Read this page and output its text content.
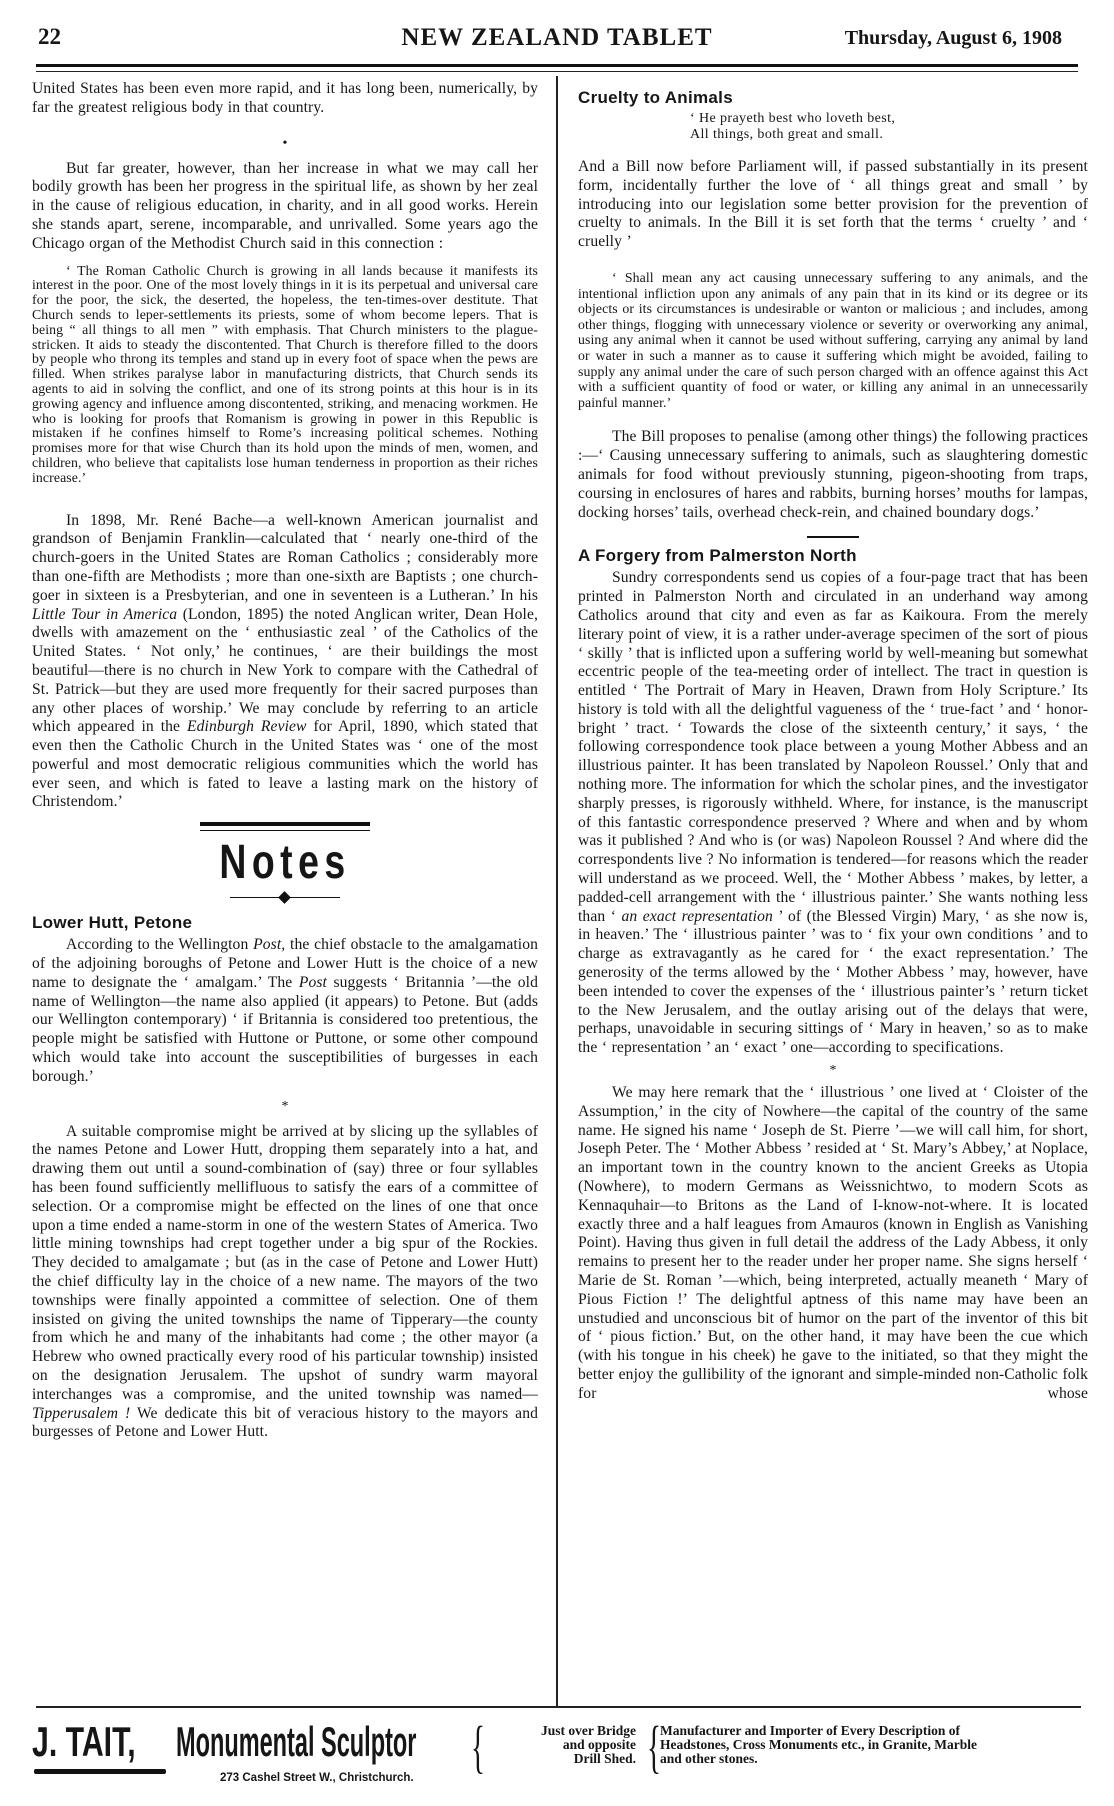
22	NEW ZEALAND TABLET	Thursday, August 6, 1908

United States has been even more rapid, and it has long been, numerically, by far the greatest religious body in that country.

•

But far greater, however, than her increase in what we may call her bodily growth has been her progress in the spiritual life, as shown by her zeal in the cause of religious education, in charity, and in all good works. Herein she stands apart, serene, incomparable, and unrivalled. Some years ago the Chicago organ of the Methodist Church said in this connection :

‘ The Roman Catholic Church is growing in all lands because it manifests its interest in the poor. One of the most lovely things in it is its perpetual and universal care for the poor, the sick, the deserted, the hopeless, the ten-times-over destitute. That Church sends to leper-settlements its priests, some of whom become lepers. That is being “ all things to all men ” with emphasis. That Church ministers to the plague-stricken. It aids to steady the discontented. That Church is therefore filled to the doors by people who throng its temples and stand up in every foot of space when the pews are filled. When strikes paralyse labor in manufacturing districts, that Church sends its agents to aid in solving the conflict, and one of its strong points at this hour is in its growing agency and influence among discontented, striking, and menacing workmen. He who is looking for proofs that Romanism is growing in power in this Republic is mistaken if he confines himself to Rome’s increasing political schemes. Nothing promises more for that wise Church than its hold upon the minds of men, women, and children, who believe that capitalists lose human tenderness in proportion as their riches increase.’

In 1898, Mr. René Bache—a well-known American journalist and grandson of Benjamin Franklin—calculated that ‘ nearly one-third of the church-goers in the United States are Roman Catholics ; considerably more than one-fifth are Methodists ; more than one-sixth are Baptists ; one church-goer in sixteen is a Presbyterian, and one in seventeen is a Lutheran.’ In his Little Tour in America (London, 1895) the noted Anglican writer, Dean Hole, dwells with amazement on the ‘ enthusiastic zeal ’ of the Catholics of the United States. ‘ Not only,’ he continues, ‘ are their buildings the most beautiful—there is no church in New York to compare with the Cathedral of St. Patrick—but they are used more frequently for their sacred purposes than any other places of worship.’ We may conclude by referring to an article which appeared in the Edinburgh Review for April, 1890, which stated that even then the Catholic Church in the United States was ‘ one of the most powerful and most democratic religious communities which the world has ever seen, and which is fated to leave a lasting mark on the history of Christendom.’

Notes
Lower Hutt, Petone

According to the Wellington Post, the chief obstacle to the amalgamation of the adjoining boroughs of Petone and Lower Hutt is the choice of a new name to designate the ‘ amalgam.’ The Post suggests ‘ Britannia ’—the old name of Wellington—the name also applied (it appears) to Petone. But (adds our Wellington contemporary) ‘ if Britannia is considered too pretentious, the people might be satisfied with Huttone or Puttone, or some other compound which would take into account the susceptibilities of burgesses in each borough.’

*

A suitable compromise might be arrived at by slicing up the syllables of the names Petone and Lower Hutt, dropping them separately into a hat, and drawing them out until a sound-combination of (say) three or four syllables has been found sufficiently mellifluous to satisfy the ears of a committee of selection. Or a compromise might be effected on the lines of one that once upon a time ended a name-storm in one of the western States of America. Two little mining townships had crept together under a big spur of the Rockies. They decided to amalgamate ; but (as in the case of Petone and Lower Hutt) the chief difficulty lay in the choice of a new name. The mayors of the two townships were finally appointed a committee of selection. One of them insisted on giving the united townships the name of Tipperary—the county from which he and many of the inhabitants had come ; the other mayor (a Hebrew who owned practically every rood of his particular township) insisted on the designation Jerusalem. The upshot of sundry warm mayoral interchanges was a compromise, and the united township was named—Tipperusalem ! We dedicate this bit of veracious history to the mayors and burgesses of Petone and Lower Hutt.

Cruelty to Animals
‘ He prayeth best who loveth best,
All things, both great and small.

And a Bill now before Parliament will, if passed substantially in its present form, incidentally further the love of ‘ all things great and small ’ by introducing into our legislation some better provision for the prevention of cruelty to animals. In the Bill it is set forth that the terms ‘ cruelty ’ and ‘ cruelly ’

‘ Shall mean any act causing unnecessary suffering to any animals, and the intentional infliction upon any animals of any pain that in its kind or its degree or its objects or its circumstances is undesirable or wanton or malicious ; and includes, among other things, flogging with unnecessary violence or severity or overworking any animal, using any animal when it cannot be used without suffering, carrying any animal by land or water in such a manner as to cause it suffering which might be avoided, failing to supply any animal under the care of such person charged with an offence against this Act with a sufficient quantity of food or water, or killing any animal in an unnecessarily painful manner.’

The Bill proposes to penalise (among other things) the following practices :—‘ Causing unnecessary suffering to animals, such as slaughtering domestic animals for food without previously stunning, pigeon-shooting from traps, coursing in enclosures of hares and rabbits, burning horses’ mouths for lampas, docking horses’ tails, overhead check-rein, and chained boundary dogs.’

A Forgery from Palmerston North

Sundry correspondents send us copies of a four-page tract that has been printed in Palmerston North and circulated in an underhand way among Catholics around that city and even as far as Kaikoura. From the merely literary point of view, it is a rather under-average specimen of the sort of pious ‘ skilly ’ that is inflicted upon a suffering world by well-meaning but somewhat eccentric people of the tea-meeting order of intellect. The tract in question is entitled ‘ The Portrait of Mary in Heaven, Drawn from Holy Scripture.’ Its history is told with all the delightful vagueness of the ‘ true-fact ’ and ‘ honor-bright ’ tract. ‘ Towards the close of the sixteenth century,’ it says, ‘ the following correspondence took place between a young Mother Abbess and an illustrious painter. It has been translated by Napoleon Roussel.’ Only that and nothing more. The information for which the scholar pines, and the investigator sharply presses, is rigorously withheld. Where, for instance, is the manuscript of this fantastic correspondence preserved ? Where and when and by whom was it published ? And who is (or was) Napoleon Roussel ? And where did the correspondents live ? No information is tendered—for reasons which the reader will understand as we proceed. Well, the ‘ Mother Abbess ’ makes, by letter, a padded-cell arrangement with the ‘ illustrious painter.’ She wants nothing less than ‘ an exact representation ’ of (the Blessed Virgin) Mary, ‘ as she now is, in heaven.’ The ‘ illustrious painter ’ was to ‘ fix your own conditions ’ and to charge as extravagantly as he cared for ‘ the exact representation.’ The generosity of the terms allowed by the ‘ Mother Abbess ’ may, however, have been intended to cover the expenses of the ‘ illustrious painter’s ’ return ticket to the New Jerusalem, and the outlay arising out of the delays that were, perhaps, unavoidable in securing sittings of ‘ Mary in heaven,’ so as to make the ‘ representation ’ an ‘ exact ’ one—according to specifications.

*

We may here remark that the ‘ illustrious ’ one lived at ‘ Cloister of the Assumption,’ in the city of Nowhere—the capital of the country of the same name. He signed his name ‘ Joseph de St. Pierre ’—we will call him, for short, Joseph Peter. The ‘ Mother Abbess ’ resided at ‘ St. Mary’s Abbey,’ at Noplace, an important town in the country known to the ancient Greeks as Utopia (Nowhere), to modern Germans as Weissnichtwo, to modern Scots as Kennaquhair—to Britons as the Land of I-know-not-where. It is located exactly three and a half leagues from Amauros (known in English as Vanishing Point). Having thus given in full detail the address of the Lady Abbess, it only remains to present her to the reader under her proper name. She signs herself ‘ Marie de St. Roman ’—which, being interpreted, actually meaneth ‘ Mary of Pious Fiction !’ The delightful aptness of this name may have been an unstudied and unconscious bit of humor on the part of the inventor of this bit of ‘ pious fiction.’ But, on the other hand, it may have been the cue which (with his tongue in his cheek) he gave to the initiated, so that they might the better enjoy the gullibility of the ignorant and simple-minded non-Catholic folk for whose

J. TAIT, Monumental Sculptor
273 Cashel Street W., Christchurch. {	Just over Bridge
and opposite
Drill Shed. { Manufacturer and Importer of Every Description of
Headstones, Cross Monuments etc., in Granite, Marble
and other stones.
